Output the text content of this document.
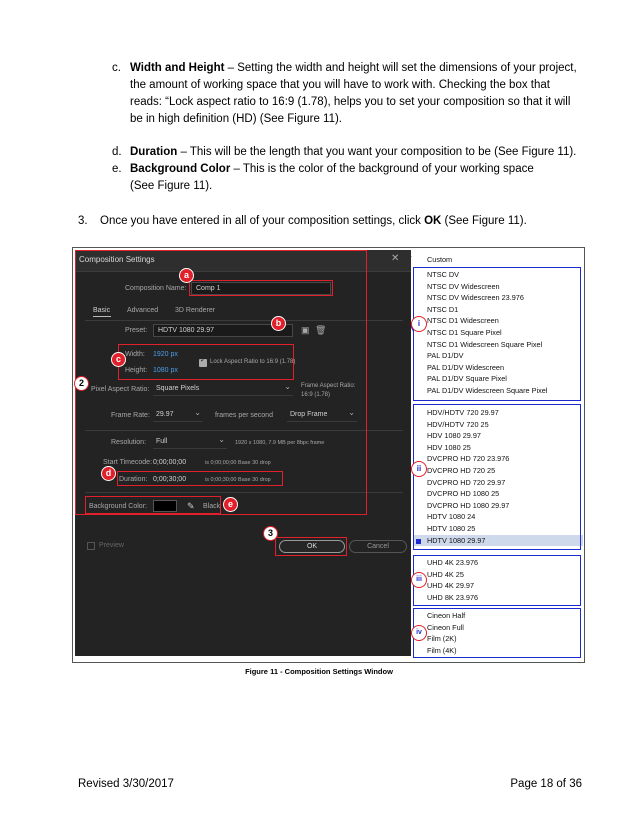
c. Width and Height – Setting the width and height will set the dimensions of your project,
the amount of working space that you will have to work with. Checking the box that
reads: “Lock aspect ratio to 16:9 (1.78), helps you to set your composition so that it will
be in high definition (HD) (See Figure 11).
d. Duration – This will be the length that you want your composition to be (See Figure 11).
e. Background Color – This is the color of the background of your working space
(See Figure 11).
3. Once you have entered in all of your composition settings, click OK (See Figure 11).
Composition Settings	✕
Composition Name:	Comp 1
Basic Advanced 3D Renderer
Preset:	HDTV 1080 29.97	▣ 🗑
Width: 1920 px
✓
Lock Aspect Ratio to 16:9 (1.78)
Height: 1080 px
Pixel Aspect Ratio: Square Pixels ⌄	Frame Aspect Ratio:
16:9 (1.78)
Frame Rate: 29.97 ⌄	frames per second	Drop Frame ⌄
Resolution:	Full ⌄	1920 x 1080, 7.9 MB per 8bpc frame
Start Timecode: 0;00;00;00	is 0;00;00;00 Base 30 drop
Duration: 0;00;30;00	is 0;00;30;00 Base 30 drop
Background Color:	✎ Black
Preview	OK	Cancel
a
b
c
d
e
2
3
Custom
NTSC DV
NTSC DV Widescreen
NTSC DV Widescreen 23.976
NTSC D1
NTSC D1 Widescreen
NTSC D1 Square Pixel
NTSC D1 Widescreen Square Pixel
PAL D1/DV
PAL D1/DV Widescreen
PAL D1/DV Square Pixel
PAL D1/DV Widescreen Square Pixel
i
HDV/HDTV 720 29.97
HDV/HDTV 720 25
HDV 1080 29.97
HDV 1080 25
DVCPRO HD 720 23.976
DVCPRO HD 720 25
DVCPRO HD 720 29.97
DVCPRO HD 1080 25
DVCPRO HD 1080 29.97
HDTV 1080 24
HDTV 1080 25
HDTV 1080 29.97
ii
UHD 4K 23.976
UHD 4K 25
UHD 4K 29.97
UHD 8K 23.976
iii
Cineon Half
Cineon Full
Film (2K)
Film (4K)
iv
Figure 11 - Composition Settings Window
Revised 3/30/2017	Page 18 of 36
